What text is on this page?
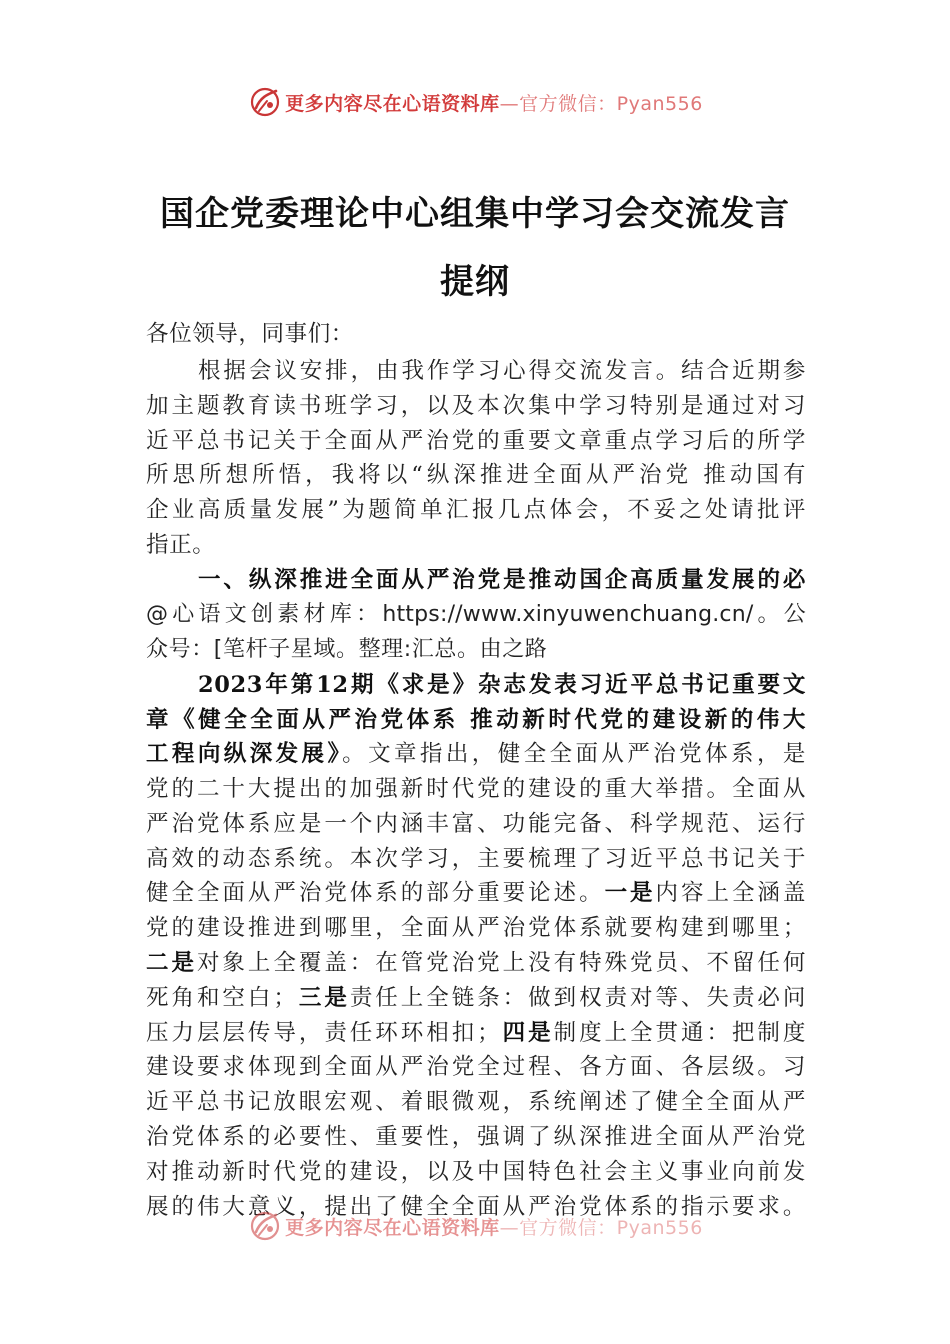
更多内容尽在心语资料库 —官方微信：Pyan556
国企党委理论中心组集中学习会交流发言
提纲
各位领导，同事们：
根据会议安排，由我作学习心得交流发言。结合近期参
加主题教育读书班学习，以及本次集中学习特别是通过对习
近平总书记关于全面从严治党的重要文章重点学习后的所学
所思所想所悟，我将以“纵深推进全面从严治党 推动国有
企业高质量发展”为题简单汇报几点体会，不妥之处请批评
指正。
一、纵深推进全面从严治党是推动国企高质量发展的必
@心语文创素材库：https://www.xinyuwenchuang.cn/。公
众号：[笔杆子星域。整理:汇总。由之路
2023年第12期《求是》杂志发表习近平总书记重要文
章《健全全面从严治党体系 推动新时代党的建设新的伟大
工程向纵深发展》。文章指出，健全全面从严治党体系，是
党的二十大提出的加强新时代党的建设的重大举措。全面从
严治党体系应是一个内涵丰富、功能完备、科学规范、运行
高效的动态系统。本次学习，主要梳理了习近平总书记关于
健全全面从严治党体系的部分重要论述。一是内容上全涵盖
党的建设推进到哪里，全面从严治党体系就要构建到哪里；
二是对象上全覆盖：在管党治党上没有特殊党员、不留任何
死角和空白；三是责任上全链条：做到权责对等、失责必问
压力层层传导，责任环环相扣；四是制度上全贯通：把制度
建设要求体现到全面从严治党全过程、各方面、各层级。习
近平总书记放眼宏观、着眼微观，系统阐述了健全全面从严
治党体系的必要性、重要性，强调了纵深推进全面从严治党
对推动新时代党的建设，以及中国特色社会主义事业向前发
展的伟大意义，提出了健全全面从严治党体系的指示要求。
更多内容尽在心语资料库 —官方微信：Pyan556
